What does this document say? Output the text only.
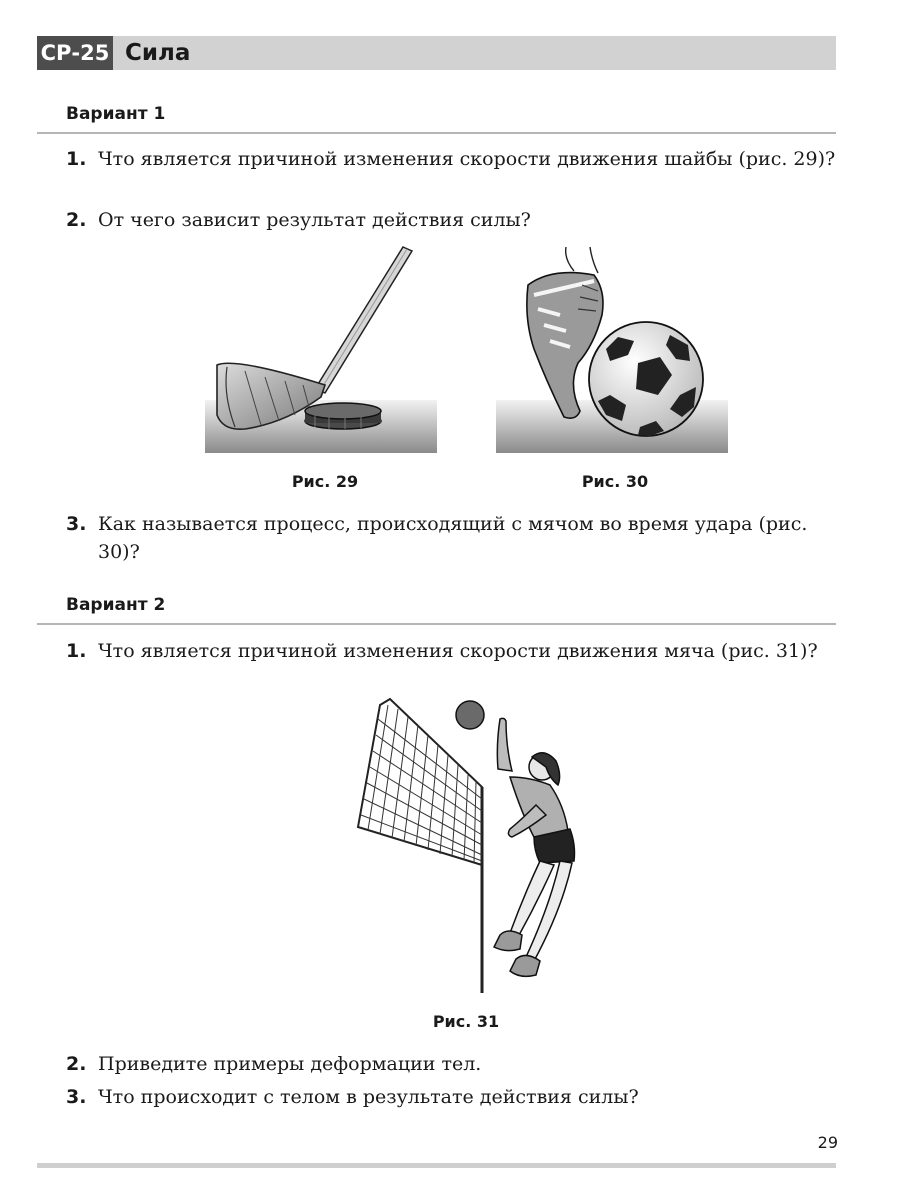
СР-25 Сила
Вариант 1
1. Что является причиной изменения скорости движения шайбы (рис. 29)?
2. От чего зависит результат действия силы?
Рис. 29	Рис. 30
3. Как называется процесс, происходящий с мячом во время удара (рис. 30)?
Вариант 2
1. Что является причиной изменения скорости движения мяча (рис. 31)?
Рис. 31
2. Приведите примеры деформации тел.
3. Что происходит с телом в результате действия силы?
29
